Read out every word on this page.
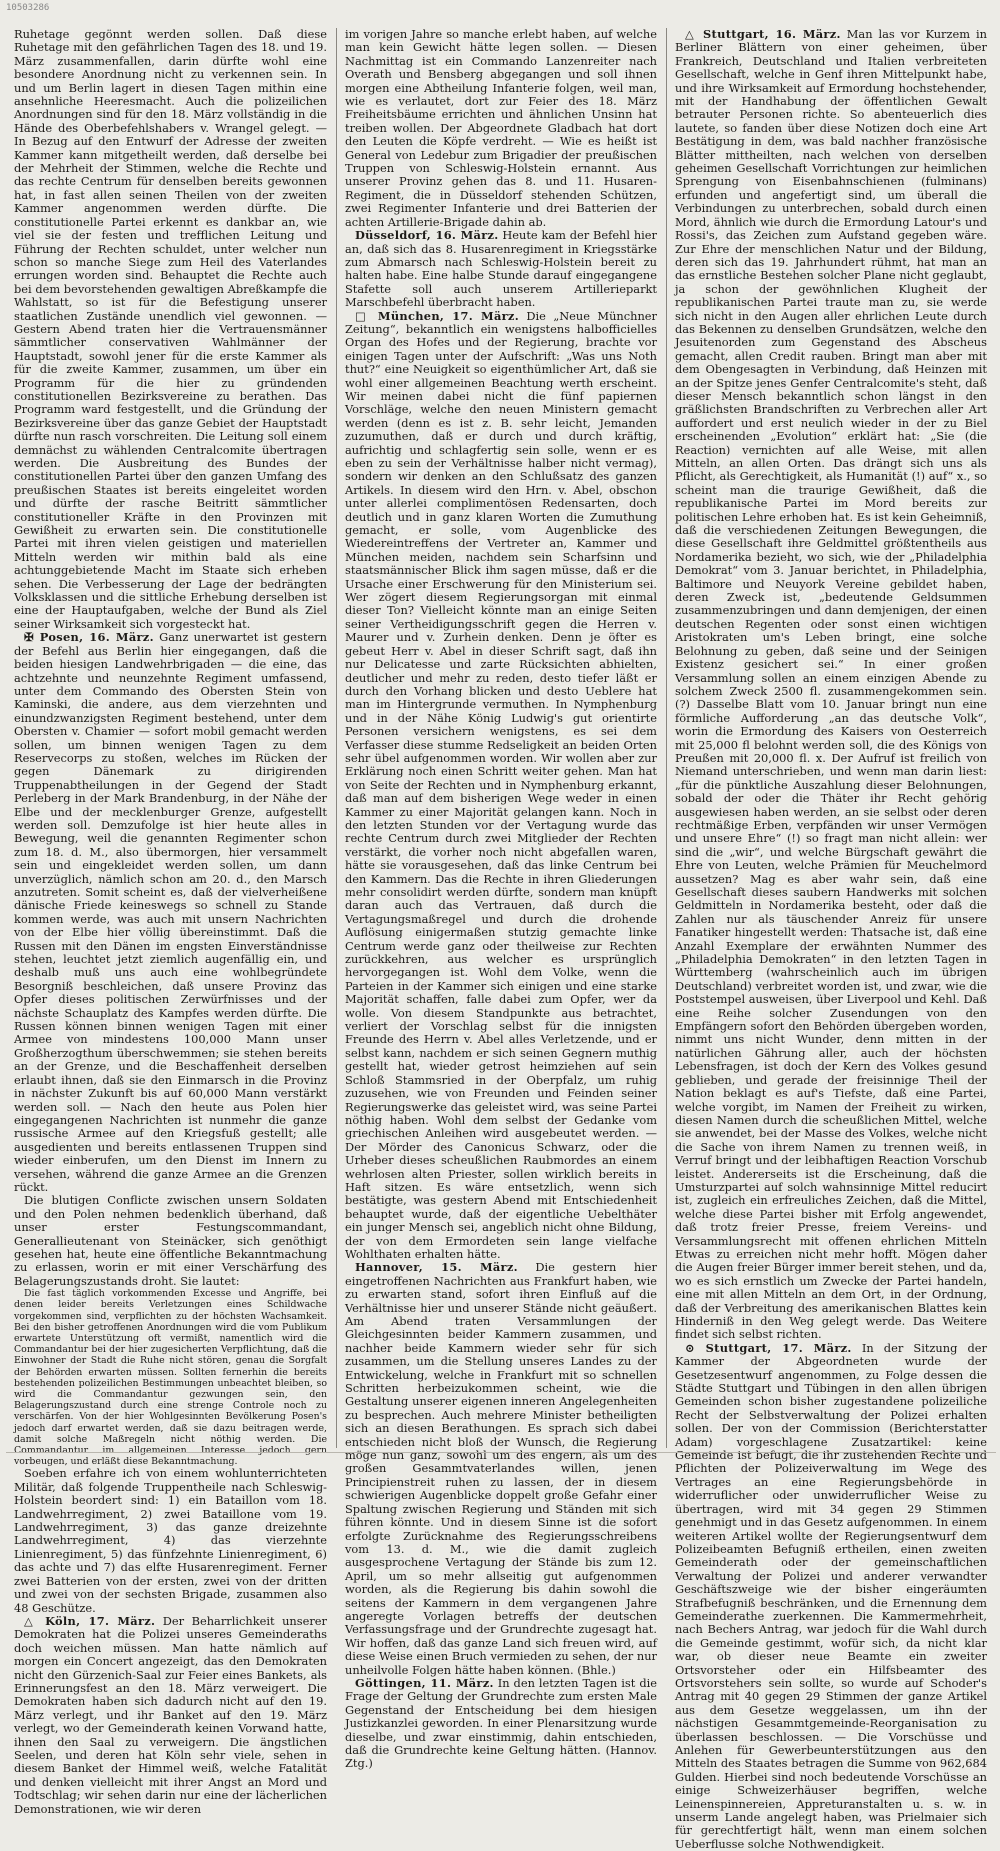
10503286

Ruhetage gegönnt werden sollen. Daß diese Ruhetage mit den gefährlichen Tagen des 18. und 19. März zusammenfallen, darin dürfte wohl eine besondere Anordnung nicht zu verkennen sein. In und um Berlin lagert in diesen Tagen mithin eine ansehnliche Heeresmacht. Auch die polizeilichen Anordnungen sind für den 18. März vollständig in die Hände des Oberbefehlshabers v. Wrangel gelegt. — In Bezug auf den Entwurf der Adresse der zweiten Kammer kann mitgetheilt werden, daß derselbe bei der Mehrheit der Stimmen, welche die Rechte und das rechte Centrum für denselben bereits gewonnen hat, in fast allen seinen Theilen von der zweiten Kammer angenommen werden dürfte. Die constitutionelle Partei erkennt es dankbar an, wie viel sie der festen und trefflichen Leitung und Führung der Rechten schuldet, unter welcher nun schon so manche Siege zum Heil des Vaterlandes errungen worden sind. Behauptet die Rechte auch bei dem bevorstehenden gewaltigen Abreßkampfe die Wahlstatt, so ist für die Befestigung unserer staatlichen Zustände unendlich viel gewonnen. — Gestern Abend traten hier die Vertrauensmänner sämmtlicher conservativen Wahlmänner der Hauptstadt, sowohl jener für die erste Kammer als für die zweite Kammer, zusammen, um über ein Programm für die hier zu gründenden constitutionellen Bezirksvereine zu berathen. Das Programm ward festgestellt, und die Gründung der Bezirksvereine über das ganze Gebiet der Hauptstadt dürfte nun rasch vorschreiten. Die Leitung soll einem demnächst zu wählenden Centralcomite übertragen werden. Die Ausbreitung des Bundes der constitutionellen Partei über den ganzen Umfang des preußischen Staates ist bereits eingeleitet worden und dürfte der rasche Beitritt sämmtlicher constitutioneller Kräfte in den Provinzen mit Gewißheit zu erwarten sein. Die constitutionelle Partei mit ihren vielen geistigen und materiellen Mitteln werden wir mithin bald als eine achtunggebietende Macht im Staate sich erheben sehen. Die Verbesserung der Lage der bedrängten Volksklassen und die sittliche Erhebung derselben ist eine der Hauptaufgaben, welche der Bund als Ziel seiner Wirksamkeit sich vorgesteckt hat.

✠ Posen, 16. März. Ganz unerwartet ist gestern der Befehl aus Berlin hier eingegangen, daß die beiden hiesigen Landwehrbrigaden — die eine, das achtzehnte und neunzehnte Regiment umfassend, unter dem Commando des Obersten Stein von Kaminski, die andere, aus dem vierzehnten und einundzwanzigsten Regiment bestehend, unter dem Obersten v. Chamier — sofort mobil gemacht werden sollen, um binnen wenigen Tagen zu dem Reservecorps zu stoßen, welches im Rücken der gegen Dänemark zu dirigirenden Truppenabtheilungen in der Gegend der Stadt Perleberg in der Mark Brandenburg, in der Nähe der Elbe und der mecklenburger Grenze, aufgestellt werden soll. Demzufolge ist hier heute alles in Bewegung, weil die genannten Regimenter schon zum 18. d. M., also übermorgen, hier versammelt sein und eingekleidet werden sollen, um dann unverzüglich, nämlich schon am 20. d., den Marsch anzutreten. Somit scheint es, daß der vielverheißene dänische Friede keineswegs so schnell zu Stande kommen werde, was auch mit unsern Nachrichten von der Elbe hier völlig übereinstimmt. Daß die Russen mit den Dänen im engsten Einverständnisse stehen, leuchtet jetzt ziemlich augenfällig ein, und deshalb muß uns auch eine wohlbegründete Besorgniß beschleichen, daß unsere Provinz das Opfer dieses politischen Zerwürfnisses und der nächste Schauplatz des Kampfes werden dürfte. Die Russen können binnen wenigen Tagen mit einer Armee von mindestens 100,000 Mann unser Großherzogthum überschwemmen; sie stehen bereits an der Grenze, und die Beschaffenheit derselben erlaubt ihnen, daß sie den Einmarsch in die Provinz in nächster Zukunft bis auf 60,000 Mann verstärkt werden soll. — Nach den heute aus Polen hier eingegangenen Nachrichten ist nunmehr die ganze russische Armee auf den Kriegsfuß gestellt; alle ausgedienten und bereits entlassenen Truppen sind wieder einberufen, um den Dienst im Innern zu versehen, während die ganze Armee an die Grenzen rückt.

Die blutigen Conflicte zwischen unsern Soldaten und den Polen nehmen bedenklich überhand, daß unser erster Festungscommandant, Generallieutenant von Steinäcker, sich genöthigt gesehen hat, heute eine öffentliche Bekanntmachung zu erlassen, worin er mit einer Verschärfung des Belagerungszustands droht. Sie lautet:

Die fast täglich vorkommenden Excesse und Angriffe, bei denen leider bereits Verletzungen eines Schildwache vorgekommen sind, verpflichten zu der höchsten Wachsamkeit. Bei den bisher getroffenen Anordnungen wird die vom Publikum erwartete Unterstützung oft vermißt, namentlich wird die Commandantur bei der hier zugesicherten Verpflichtung, daß die Einwohner der Stadt die Ruhe nicht stören, genau die Sorgfalt der Behörden erwarten müssen. Sollten fernerhin die bereits bestehenden polizeilichen Bestimmungen unbeachtet bleiben, so wird die Commandantur gezwungen sein, den Belagerungszustand durch eine strenge Controle noch zu verschärfen. Von der hier Wohlgesinnten Bevölkerung Posen's jedoch darf erwartet werden, daß sie dazu beitragen werde, damit solche Maßregeln nicht nöthig werden. Die Commandantur im allgemeinen Interesse jedoch gern vorbeugen, und erläßt diese Bekanntmachung.

Soeben erfahre ich von einem wohlunterrichteten Militär, daß folgende Truppentheile nach Schleswig-Holstein beordert sind: 1) ein Bataillon vom 18. Landwehrregiment, 2) zwei Bataillone vom 19. Landwehrregiment, 3) das ganze dreizehnte Landwehrregiment, 4) das vierzehnte Linienregiment, 5) das fünfzehnte Linienregiment, 6) das achte und 7) das elfte Husarenregiment. Ferner zwei Batterien von der ersten, zwei von der dritten und zwei von der sechsten Brigade, zusammen also 48 Geschütze.

△ Köln, 17. März. Der Beharrlichkeit unserer Demokraten hat die Polizei unseres Gemeinderaths doch weichen müssen. Man hatte nämlich auf morgen ein Concert angezeigt, das den Demokraten nicht den Gürzenich-Saal zur Feier eines Bankets, als Erinnerungsfest an den 18. März verweigert. Die Demokraten haben sich dadurch nicht auf den 19. März verlegt, und ihr Banket auf den 19. März verlegt, wo der Gemeinderath keinen Vorwand hatte, ihnen den Saal zu verweigern. Die ängstlichen Seelen, und deren hat Köln sehr viele, sehen in diesem Banket der Himmel weiß, welche Fatalität und denken vielleicht mit ihrer Angst an Mord und Todtschlag; wir sehen darin nur eine der lächerlichen Demonstrationen, wie wir deren

im vorigen Jahre so manche erlebt haben, auf welche man kein Gewicht hätte legen sollen. — Diesen Nachmittag ist ein Commando Lanzenreiter nach Overath und Bensberg abgegangen und soll ihnen morgen eine Abtheilung Infanterie folgen, weil man, wie es verlautet, dort zur Feier des 18. März Freiheitsbäume errichten und ähnlichen Unsinn hat treiben wollen. Der Abgeordnete Gladbach hat dort den Leuten die Köpfe verdreht. — Wie es heißt ist General von Ledebur zum Brigadier der preußischen Truppen von Schleswig-Holstein ernannt. Aus unserer Provinz gehen das 8. und 11. Husaren-Regiment, die in Düsseldorf stehenden Schützen, zwei Regimenter Infanterie und drei Batterien der achten Artillerie-Brigade dahin ab.

Düsseldorf, 16. März. Heute kam der Befehl hier an, daß sich das 8. Husarenregiment in Kriegsstärke zum Abmarsch nach Schleswig-Holstein bereit zu halten habe. Eine halbe Stunde darauf eingegangene Stafette soll auch unserem Artillerieparkt Marschbefehl überbracht haben.

□ München, 17. März. Die „Neue Münchner Zeitung“, bekanntlich ein wenigstens halbofficielles Organ des Hofes und der Regierung, brachte vor einigen Tagen unter der Aufschrift: „Was uns Noth thut?“ eine Neuigkeit so eigenthümlicher Art, daß sie wohl einer allgemeinen Beachtung werth erscheint. Wir meinen dabei nicht die fünf papiernen Vorschläge, welche den neuen Ministern gemacht werden (denn es ist z. B. sehr leicht, Jemanden zuzumuthen, daß er durch und durch kräftig, aufrichtig und schlagfertig sein solle, wenn er es eben zu sein der Verhältnisse halber nicht vermag), sondern wir denken an den Schlußsatz des ganzen Artikels. In diesem wird den Hrn. v. Abel, obschon unter allerlei complimentösen Redensarten, doch deutlich und in ganz klaren Worten die Zumuthung gemacht, er solle, vom Augenblicke des Wiedereintreffens der Vertreter an, Kammer und München meiden, nachdem sein Scharfsinn und staatsmännischer Blick ihm sagen müsse, daß er die Ursache einer Erschwerung für den Ministerium sei. Wer zögert diesem Regierungsorgan mit einmal dieser Ton? Vielleicht könnte man an einige Seiten seiner Vertheidigungsschrift gegen die Herren v. Maurer und v. Zurhein denken. Denn je öfter es gebeut Herr v. Abel in dieser Schrift sagt, daß ihn nur Delicatesse und zarte Rücksichten abhielten, deutlicher und mehr zu reden, desto tiefer läßt er durch den Vorhang blicken und desto Ueblere hat man im Hintergrunde vermuthen. In Nymphenburg und in der Nähe König Ludwig's gut orientirte Personen versichern wenigstens, es sei dem Verfasser diese stumme Redseligkeit an beiden Orten sehr übel aufgenommen worden. Wir wollen aber zur Erklärung noch einen Schritt weiter gehen. Man hat von Seite der Rechten und in Nymphenburg erkannt, daß man auf dem bisherigen Wege weder in einen Kammer zu einer Majorität gelangen kann. Noch in den letzten Stunden vor der Vertagung wurde das rechte Centrum durch zwei Mitglieder der Rechten verstärkt, die vorher noch nicht abgefallen waren, hätte sie vorausgesehen, daß das linke Centrum bei den Kammern. Das die Rechte in ihren Gliederungen mehr consolidirt werden dürfte, sondern man knüpft daran auch das Vertrauen, daß durch die Vertagungsmaßregel und durch die drohende Auflösung einigermaßen stutzig gemachte linke Centrum werde ganz oder theilweise zur Rechten zurückkehren, aus welcher es ursprünglich hervorgegangen ist. Wohl dem Volke, wenn die Parteien in der Kammer sich einigen und eine starke Majorität schaffen, falle dabei zum Opfer, wer da wolle. Von diesem Standpunkte aus betrachtet, verliert der Vorschlag selbst für die innigsten Freunde des Herrn v. Abel alles Verletzende, und er selbst kann, nachdem er sich seinen Gegnern muthig gestellt hat, wieder getrost heimziehen auf sein Schloß Stammsried in der Oberpfalz, um ruhig zuzusehen, wie von Freunden und Feinden seiner Regierungswerke das geleistet wird, was seine Partei nöthig haben. Wohl dem selbst der Gedanke vom griechischen Anleihen wird ausgebeutet werden. — Der Mörder des Canonicus Schwarz, oder die Urheber dieses scheußlichen Raubmordes an einem wehrlosen alten Priester, sollen wirklich bereits in Haft sitzen. Es wäre entsetzlich, wenn sich bestätigte, was gestern Abend mit Entschiedenheit behauptet wurde, daß der eigentliche Uebelthäter ein junger Mensch sei, angeblich nicht ohne Bildung, der von dem Ermordeten sein lange vielfache Wohlthaten erhalten hätte.

Hannover, 15. März. Die gestern hier eingetroffenen Nachrichten aus Frankfurt haben, wie zu erwarten stand, sofort ihren Einfluß auf die Verhältnisse hier und unserer Stände nicht geäußert. Am Abend traten Versammlungen der Gleichgesinnten beider Kammern zusammen, und nachher beide Kammern wieder sehr für sich zusammen, um die Stellung unseres Landes zu der Entwickelung, welche in Frankfurt mit so schnellen Schritten herbeizukommen scheint, wie die Gestaltung unserer eigenen inneren Angelegenheiten zu besprechen. Auch mehrere Minister betheiligten sich an diesen Berathungen. Es sprach sich dabei entschieden nicht bloß der Wunsch, die Regierung möge nun ganz, sowohl um des engern, als um des großen Gesammtvaterlandes willen, jenen Principienstreit ruhen zu lassen, der in diesem schwierigen Augenblicke doppelt große Gefahr einer Spaltung zwischen Regierung und Ständen mit sich führen könnte. Und in diesem Sinne ist die sofort erfolgte Zurücknahme des Regierungsschreibens vom 13. d. M., wie die damit zugleich ausgesprochene Vertagung der Stände bis zum 12. April, um so mehr allseitig gut aufgenommen worden, als die Regierung bis dahin sowohl die seitens der Kammern in dem vergangenen Jahre angeregte Vorlagen betreffs der deutschen Verfassungsfrage und der Grundrechte zugesagt hat. Wir hoffen, daß das ganze Land sich freuen wird, auf diese Weise einen Bruch vermieden zu sehen, der nur unheilvolle Folgen hätte haben können. (Bhle.)

Göttingen, 11. März. In den letzten Tagen ist die Frage der Geltung der Grundrechte zum ersten Male Gegenstand der Entscheidung bei dem hiesigen Justizkanzlei geworden. In einer Plenarsitzung wurde dieselbe, und zwar einstimmig, dahin entschieden, daß die Grundrechte keine Geltung hätten. (Hannov. Ztg.)

△ Stuttgart, 16. März. Man las vor Kurzem in Berliner Blättern von einer geheimen, über Frankreich, Deutschland und Italien verbreiteten Gesellschaft, welche in Genf ihren Mittelpunkt habe, und ihre Wirksamkeit auf Ermordung hochstehender, mit der Handhabung der öffentlichen Gewalt betrauter Personen richte. So abenteuerlich dies lautete, so fanden über diese Notizen doch eine Art Bestätigung in dem, was bald nachher französische Blätter mittheilten, nach welchen von derselben geheimen Gesellschaft Vorrichtungen zur heimlichen Sprengung von Eisenbahnschienen (fulminans) erfunden und angefertigt sind, um überall die Verbindungen zu unterbrechen, sobald durch einen Mord, ähnlich wie durch die Ermordung Latour's und Rossi's, das Zeichen zum Aufstand gegeben wäre. Zur Ehre der menschlichen Natur und der Bildung, deren sich das 19. Jahrhundert rühmt, hat man an das ernstliche Bestehen solcher Plane nicht geglaubt, ja schon der gewöhnlichen Klugheit der republikanischen Partei traute man zu, sie werde sich nicht in den Augen aller ehrlichen Leute durch das Bekennen zu denselben Grundsätzen, welche den Jesuitenorden zum Gegenstand des Abscheus gemacht, allen Credit rauben. Bringt man aber mit dem Obengesagten in Verbindung, daß Heinzen mit an der Spitze jenes Genfer Centralcomite's steht, daß dieser Mensch bekanntlich schon längst in den gräßlichsten Brandschriften zu Verbrechen aller Art auffordert und erst neulich wieder in der zu Biel erscheinenden „Evolution“ erklärt hat: „Sie (die Reaction) vernichten auf alle Weise, mit allen Mitteln, an allen Orten. Das drängt sich uns als Pflicht, als Gerechtigkeit, als Humanität (!) auf“ x., so scheint man die traurige Gewißheit, daß die republikanische Partei im Mord bereits zur politischen Lehre erhoben hat. Es ist kein Geheimniß, daß die verschiedenen Zeitungen Bewegungen, die diese Gesellschaft ihre Geldmittel größtentheils aus Nordamerika bezieht, wo sich, wie der „Philadelphia Demokrat“ vom 3. Januar berichtet, in Philadelphia, Baltimore und Neuyork Vereine gebildet haben, deren Zweck ist, „bedeutende Geldsummen zusammenzubringen und dann demjenigen, der einen deutschen Regenten oder sonst einen wichtigen Aristokraten um's Leben bringt, eine solche Belohnung zu geben, daß seine und der Seinigen Existenz gesichert sei.“ In einer großen Versammlung sollen an einem einzigen Abende zu solchem Zweck 2500 fl. zusammengekommen sein. (?) Dasselbe Blatt vom 10. Januar bringt nun eine förmliche Aufforderung „an das deutsche Volk“, worin die Ermordung des Kaisers von Oesterreich mit 25,000 fl belohnt werden soll, die des Königs von Preußen mit 20,000 fl. x. Der Aufruf ist freilich von Niemand unterschrieben, und wenn man darin liest: „für die pünktliche Auszahlung dieser Belohnungen, sobald der oder die Thäter ihr Recht gehörig ausgewiesen haben werden, an sie selbst oder deren rechtmäßige Erben, verpfänden wir unser Vermögen und unsere Ehre“ (!) so fragt man nicht allein: wer sind die „wir“, und welche Bürgschaft gewährt die Ehre von Leuten, welche Prämien für Meuchelmord aussetzen? Mag es aber wahr sein, daß eine Gesellschaft dieses saubern Handwerks mit solchen Geldmitteln in Nordamerika besteht, oder daß die Zahlen nur als täuschender Anreiz für unsere Fanatiker hingestellt werden: Thatsache ist, daß eine Anzahl Exemplare der erwähnten Nummer des „Philadelphia Demokraten“ in den letzten Tagen in Württemberg (wahrscheinlich auch im übrigen Deutschland) verbreitet worden ist, und zwar, wie die Poststempel ausweisen, über Liverpool und Kehl. Daß eine Reihe solcher Zusendungen von den Empfängern sofort den Behörden übergeben worden, nimmt uns nicht Wunder, denn mitten in der natürlichen Gährung aller, auch der höchsten Lebensfragen, ist doch der Kern des Volkes gesund geblieben, und gerade der freisinnige Theil der Nation beklagt es auf's Tiefste, daß eine Partei, welche vorgibt, im Namen der Freiheit zu wirken, diesen Namen durch die scheußlichen Mittel, welche sie anwendet, bei der Masse des Volkes, welche nicht die Sache von ihrem Namen zu trennen weiß, in Verruf bringt und der leibhaftigen Reaction Vorschub leistet. Andererseits ist die Erscheinung, daß die Umsturzpartei auf solch wahnsinnige Mittel reducirt ist, zugleich ein erfreuliches Zeichen, daß die Mittel, welche diese Partei bisher mit Erfolg angewendet, daß trotz freier Presse, freiem Vereins- und Versammlungsrecht mit offenen ehrlichen Mitteln Etwas zu erreichen nicht mehr hofft. Mögen daher die Augen freier Bürger immer bereit stehen, und da, wo es sich ernstlich um Zwecke der Partei handeln, eine mit allen Mitteln an dem Ort, in der Ordnung, daß der Verbreitung des amerikanischen Blattes kein Hinderniß in den Weg gelegt werde. Das Weitere findet sich selbst richten.

⊙ Stuttgart, 17. März. In der Sitzung der Kammer der Abgeordneten wurde der Gesetzesentwurf angenommen, zu Folge dessen die Städte Stuttgart und Tübingen in den allen übrigen Gemeinden schon bisher zugestandene polizeiliche Recht der Selbstverwaltung der Polizei erhalten sollen. Der von der Commission (Berichterstatter Adam) vorgeschlagene Zusatzartikel: keine Gemeinde ist befugt, die ihr zustehenden Rechte und Pflichten der Polizeiverwaltung im Wege des Vertrages an eine Regierungsbehörde in widerruflicher oder unwiderruflicher Weise zu übertragen, wird mit 34 gegen 29 Stimmen genehmigt und in das Gesetz aufgenommen. In einem weiteren Artikel wollte der Regierungsentwurf dem Polizeibeamten Befugniß ertheilen, einen zweiten Gemeinderath oder der gemeinschaftlichen Verwaltung der Polizei und anderer verwandter Geschäftszweige wie der bisher eingeräumten Strafbefugniß beschränken, und die Ernennung dem Gemeinderathe zuerkennen. Die Kammermehrheit, nach Bechers Antrag, war jedoch für die Wahl durch die Gemeinde gestimmt, wofür sich, da nicht klar war, ob dieser neue Beamte ein zweiter Ortsvorsteher oder ein Hilfsbeamter des Ortsvorstehers sein sollte, so wurde auf Schoder's Antrag mit 40 gegen 29 Stimmen der ganze Artikel aus dem Gesetze weggelassen, um ihn der nächstigen Gesammtgemeinde-Reorganisation zu überlassen beschlossen. — Die Vorschüsse und Anlehen für Gewerbeunterstützungen aus den Mitteln des Staates betragen die Summe von 962,684 Gulden. Hierbei sind noch bedeutende Vorschüsse an einige Schweizerhäuser begriffen, welche Leinenspinnereien, Appreturanstalten u. s. w. in unserm Lande angelegt haben, was Prielmaier sich für gerechtfertigt hält, wenn man einem solchen Ueberflusse solche Nothwendigkeit.
